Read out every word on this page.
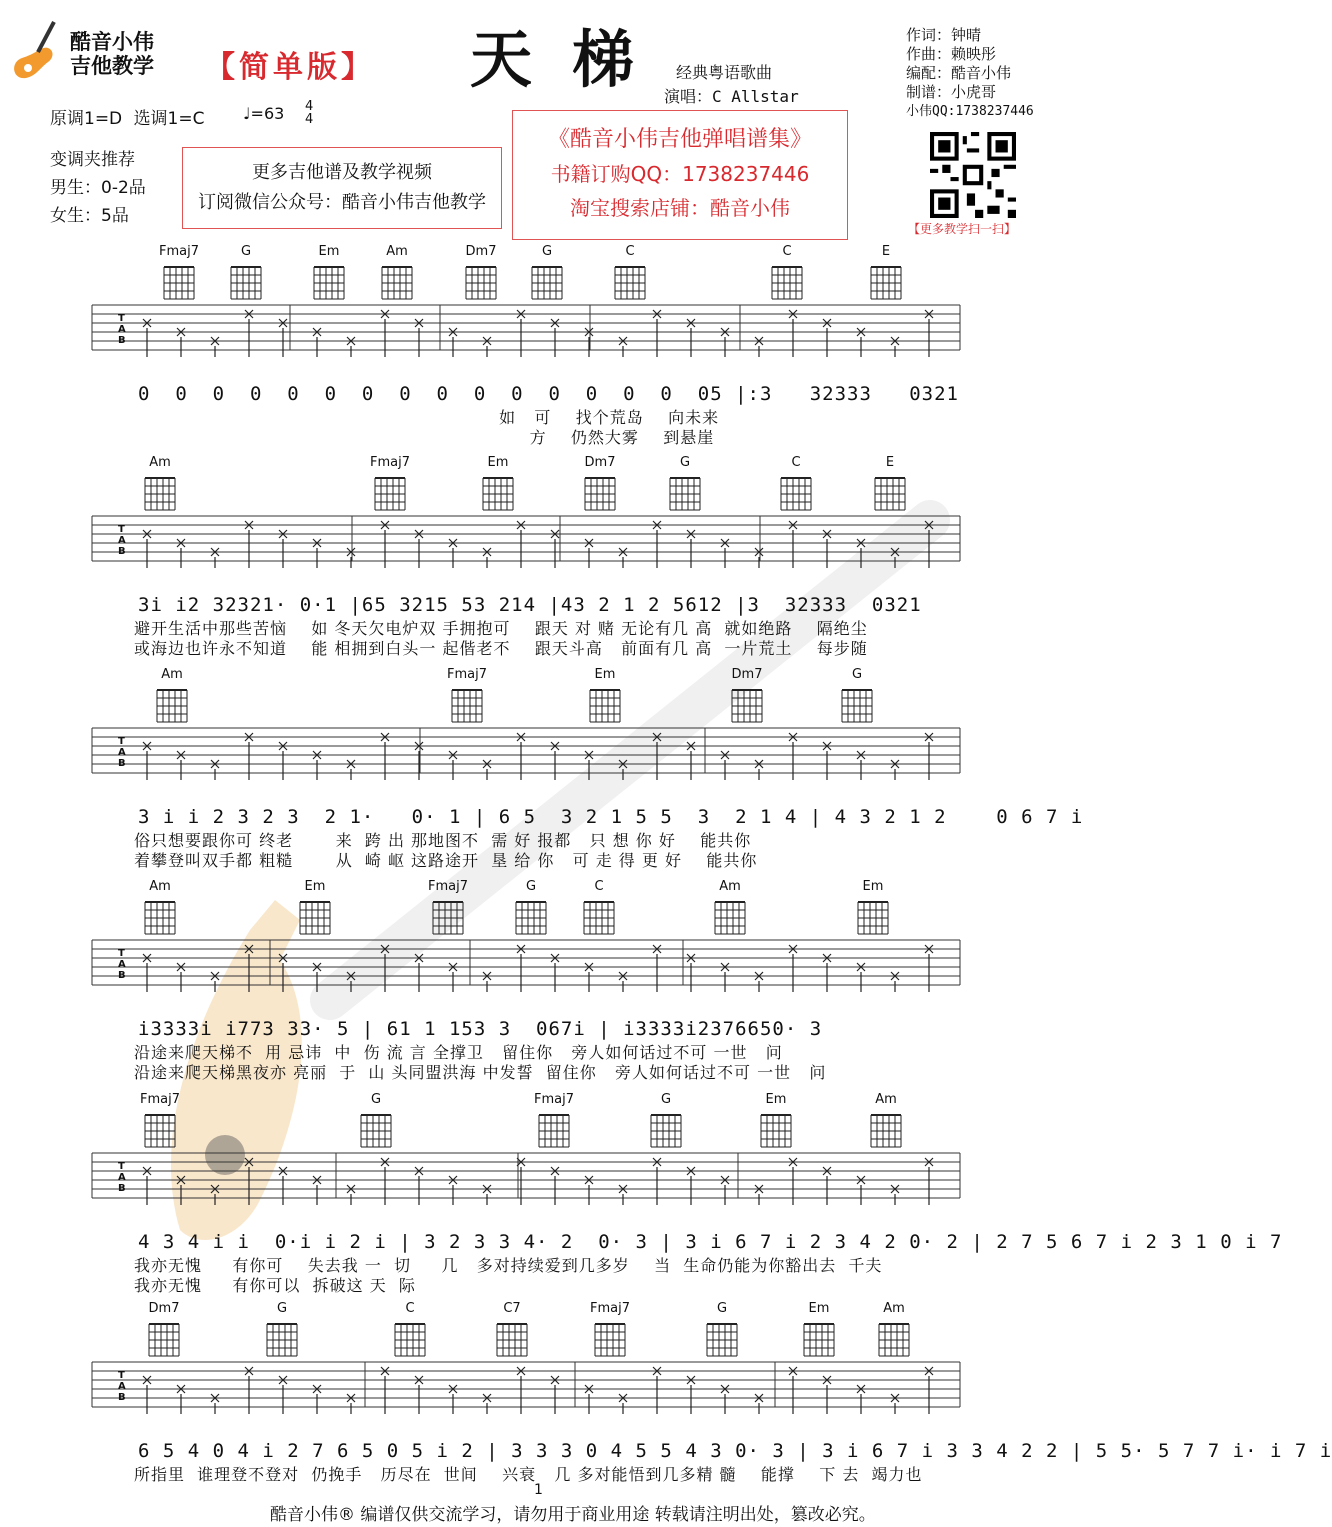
酷音小伟
吉他教学 【简单版】 天梯 经典粤语歌曲
演唱：C Allstar
作词：钟晴
作曲：赖映彤
编配：酷音小伟
制谱：小虎哥
小伟QQ:1738237446
原调1=D 选调1=C ♩=63 4
4
变调夹推荐
男生：0-2品
女生：5品
更多吉他谱及教学视频
订阅微信公众号：酷音小伟吉他教学
《酷音小伟吉他弹唱谱集》
书籍订购QQ：1738237446
淘宝搜索店铺：酷音小伟
【更多教学扫一扫】
Fmaj7	G	Em	Am	Dm7	G	C	C	E
T
A
B
0  0  0  0  0  0  0  0  0  0  0  0  0  0  0  05 |:3   32333   0321
如   可    找个荒岛    向未来
方    仍然大雾    到悬崖
Am	Fmaj7	Em	Dm7	G	C	E
T
A
B
3i i2 32321· 0·1 |65 3215 53 214 |43 2 1 2 5612 |3  32333  0321
避开生活中那些苦恼    如 冬天欠电炉双 手拥抱可    跟天 对 赌 无论有几 高  就如绝路    隔绝尘
或海边也许永不知道    能 相拥到白头一 起偕老不    跟天斗高   前面有几 高  一片荒土    每步随
Am	Fmaj7	Em	Dm7	G
T
A
B
3 i i 2 3 2 3  2 1·   0· 1 | 6 5  3 2 1 5 5  3  2 1 4 | 4 3 2 1 2    0 6 7 i
俗只想要跟你可 终老       来  跨 出 那地图不  需 好 报都   只 想 你 好    能共你
着攀登叫双手都 粗糙       从  崎 岖 这路途开  垦 给 你   可 走 得 更 好    能共你
Am	Em	Fmaj7	G	C	Am	Em
T
A
B
i3333i i773 33· 5 | 61 1 153 3  067i | i3333i2376650· 3
沿途来爬天梯不  用 忌讳  中  伤 流 言 全撑卫   留住你   旁人如何话过不可 一世   问
沿途来爬天梯黑夜亦 亮丽  于  山 头同盟洪海 中发誓  留住你   旁人如何话过不可 一世   问
Fmaj7	G	Fmaj7	G	Em	Am
T
A
B
4 3 4 i i  0·i i 2 i | 3 2 3 3 4· 2  0· 3 | 3 i 6 7 i 2 3 4 2 0· 2 | 2 7 5 6 7 i 2 3 1 0 i 7
我亦无愧     有你可    失去我 一  切     几   多对持续爱到几多岁    当  生命仍能为你豁出去  千夫
我亦无愧     有你可以  拆破这 天  际
Dm7	G	C	C7	Fmaj7	G	Em	Am
T
A
B
6 5 4 0 4 i 2 7 6 5 0 5 i 2 | 3 3 3 0 4 5 5 4 3 0· 3 | 3 i 6 7 i 3 3 4 2 2 | 5 5· 5 7 7 i· i 7 i
所指里  谁理登不登对  仍挽手   历尽在  世间    兴衰   几 多对能悟到几多精 髓    能撑    下 去  竭力也
1
酷音小伟® 编谱仅供交流学习，请勿用于商业用途 转载请注明出处，篡改必究。
